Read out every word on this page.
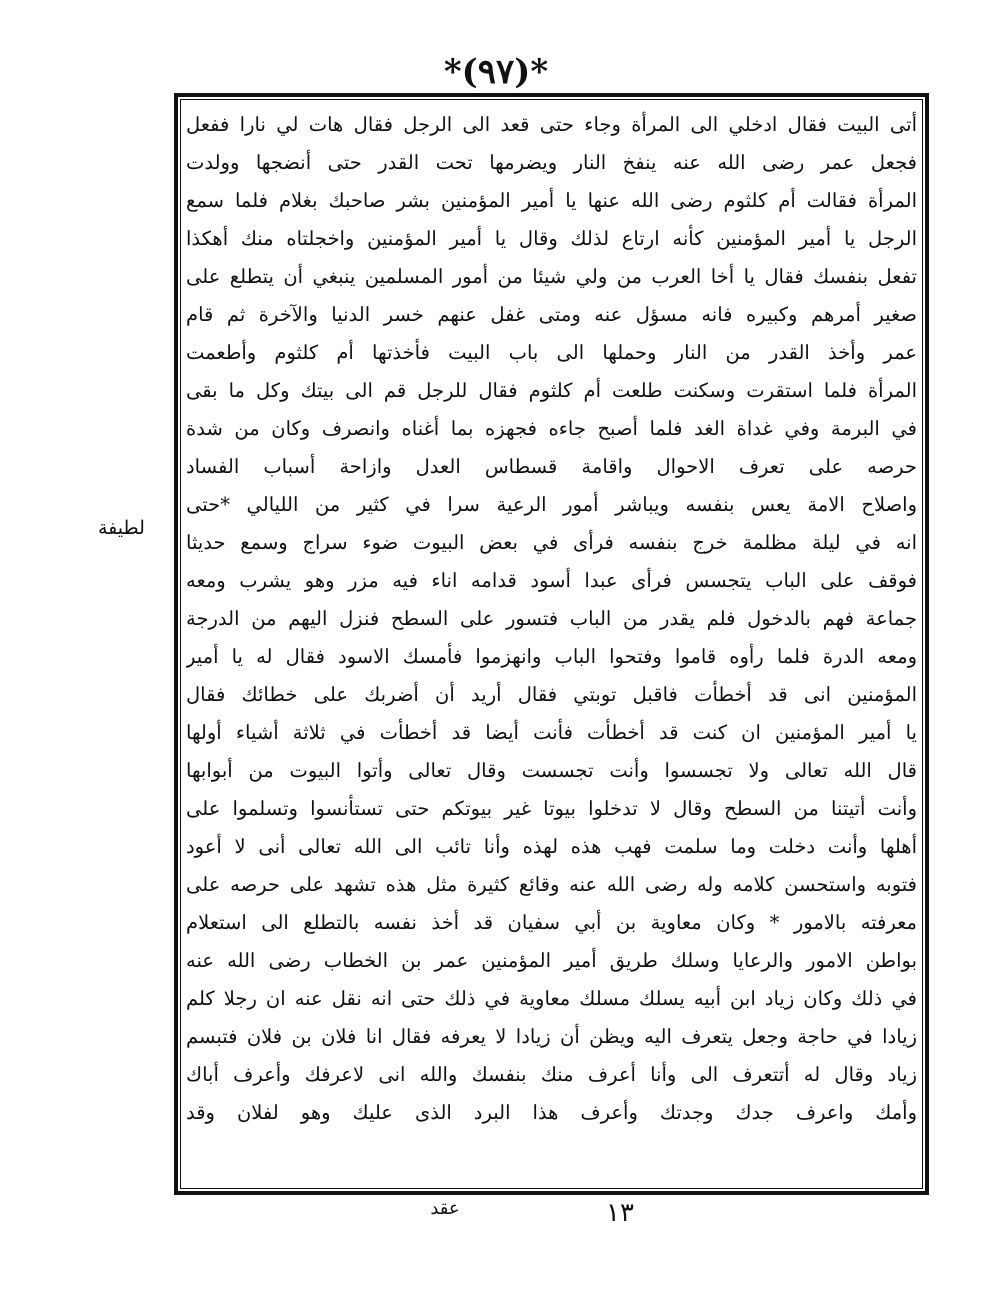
*(٩٧)*
لطيفة
أتى البيت فقال ادخلي الى المرأة وجاء حتى قعد الى الرجل فقال هات لي نارا ففعل
فجعل عمر رضى الله عنه ينفخ النار ويضرمها تحت القدر حتى أنضجها وولدت
المرأة فقالت أم كلثوم رضى الله عنها يا أمير المؤمنين بشر صاحبك بغلام فلما سمع
الرجل يا أمير المؤمنين كأنه ارتاع لذلك وقال يا أمير المؤمنين واخجلتاه منك أهكذا
تفعل بنفسك فقال يا أخا العرب من ولي شيئا من أمور المسلمين ينبغي أن يتطلع على
صغير أمرهم وكبيره فانه مسؤل عنه ومتى غفل عنهم خسر الدنيا والآخرة ثم قام
عمر وأخذ القدر من النار وحملها الى باب البيت فأخذتها أم كلثوم وأطعمت
المرأة فلما استقرت وسكنت طلعت أم كلثوم فقال للرجل قم الى بيتك وكل ما بقى
في البرمة وفي غداة الغد فلما أصبح جاءه فجهزه بما أغناه وانصرف وكان من شدة
حرصه على تعرف الاحوال واقامة قسطاس العدل وازاحة أسباب الفساد
واصلاح الامة يعس بنفسه ويباشر أمور الرعية سرا في كثير من الليالي *حتى
انه في ليلة مظلمة خرج بنفسه فرأى في بعض البيوت ضوء سراج وسمع حديثا
فوقف على الباب يتجسس فرأى عبدا أسود قدامه اناء فيه مزر وهو يشرب ومعه
جماعة فهم بالدخول فلم يقدر من الباب فتسور على السطح فنزل اليهم من الدرجة
ومعه الدرة فلما رأوه قاموا وفتحوا الباب وانهزموا فأمسك الاسود فقال له يا أمير
المؤمنين انى قد أخطأت فاقبل توبتي فقال أريد أن أضربك على خطائك فقال
يا أمير المؤمنين ان كنت قد أخطأت فأنت أيضا قد أخطأت في ثلاثة أشياء أولها
قال الله تعالى ولا تجسسوا وأنت تجسست وقال تعالى وأتوا البيوت من أبوابها
وأنت أتيتنا من السطح وقال لا تدخلوا بيوتا غير بيوتكم حتى تستأنسوا وتسلموا على
أهلها وأنت دخلت وما سلمت فهب هذه لهذه وأنا تائب الى الله تعالى أنى لا أعود
فتوبه واستحسن كلامه وله رضى الله عنه وقائع كثيرة مثل هذه تشهد على حرصه على
معرفته بالامور * وكان معاوية بن أبي سفيان قد أخذ نفسه بالتطلع الى استعلام
بواطن الامور والرعايا وسلك طريق أمير المؤمنين عمر بن الخطاب رضى الله عنه
في ذلك وكان زياد ابن أبيه يسلك مسلك معاوية في ذلك حتى انه نقل عنه ان رجلا كلم
زيادا في حاجة وجعل يتعرف اليه ويظن أن زيادا لا يعرفه فقال انا فلان بن فلان فتبسم
زياد وقال له أتتعرف الى وأنا أعرف منك بنفسك والله انى لاعرفك وأعرف أباك
وأمك واعرف جدك وجدتك وأعرف هذا البرد الذى عليك وهو لفلان وقد
عقد	١٣
